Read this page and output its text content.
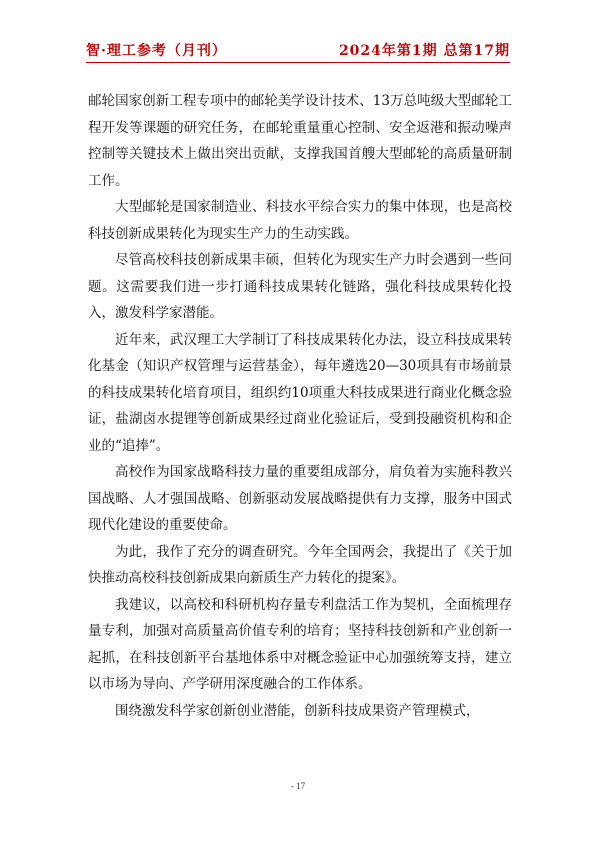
智·理工参考（月刊）	2024年第1期 总第17期

邮轮国家创新工程专项中的邮轮美学设计技术、13万总吨级大型邮轮工程开发等课题的研究任务，在邮轮重量重心控制、安全返港和振动噪声控制等关键技术上做出突出贡献，支撑我国首艘大型邮轮的高质量研制工作。

大型邮轮是国家制造业、科技水平综合实力的集中体现，也是高校科技创新成果转化为现实生产力的生动实践。

尽管高校科技创新成果丰硕，但转化为现实生产力时会遇到一些问题。这需要我们进一步打通科技成果转化链路，强化科技成果转化投入，激发科学家潜能。

近年来，武汉理工大学制订了科技成果转化办法，设立科技成果转化基金（知识产权管理与运营基金），每年遴选20—30项具有市场前景的科技成果转化培育项目，组织约10项重大科技成果进行商业化概念验证，盐湖卤水提锂等创新成果经过商业化验证后，受到投融资机构和企业的“追捧”。

高校作为国家战略科技力量的重要组成部分，肩负着为实施科教兴国战略、人才强国战略、创新驱动发展战略提供有力支撑，服务中国式现代化建设的重要使命。

为此，我作了充分的调查研究。今年全国两会，我提出了《关于加快推动高校科技创新成果向新质生产力转化的提案》。

我建议，以高校和科研机构存量专利盘活工作为契机，全面梳理存量专利，加强对高质量高价值专利的培育；坚持科技创新和产业创新一起抓，在科技创新平台基地体系中对概念验证中心加强统筹支持，建立以市场为导向、产学研用深度融合的工作体系。

围绕激发科学家创新创业潜能，创新科技成果资产管理模式，

- 17
